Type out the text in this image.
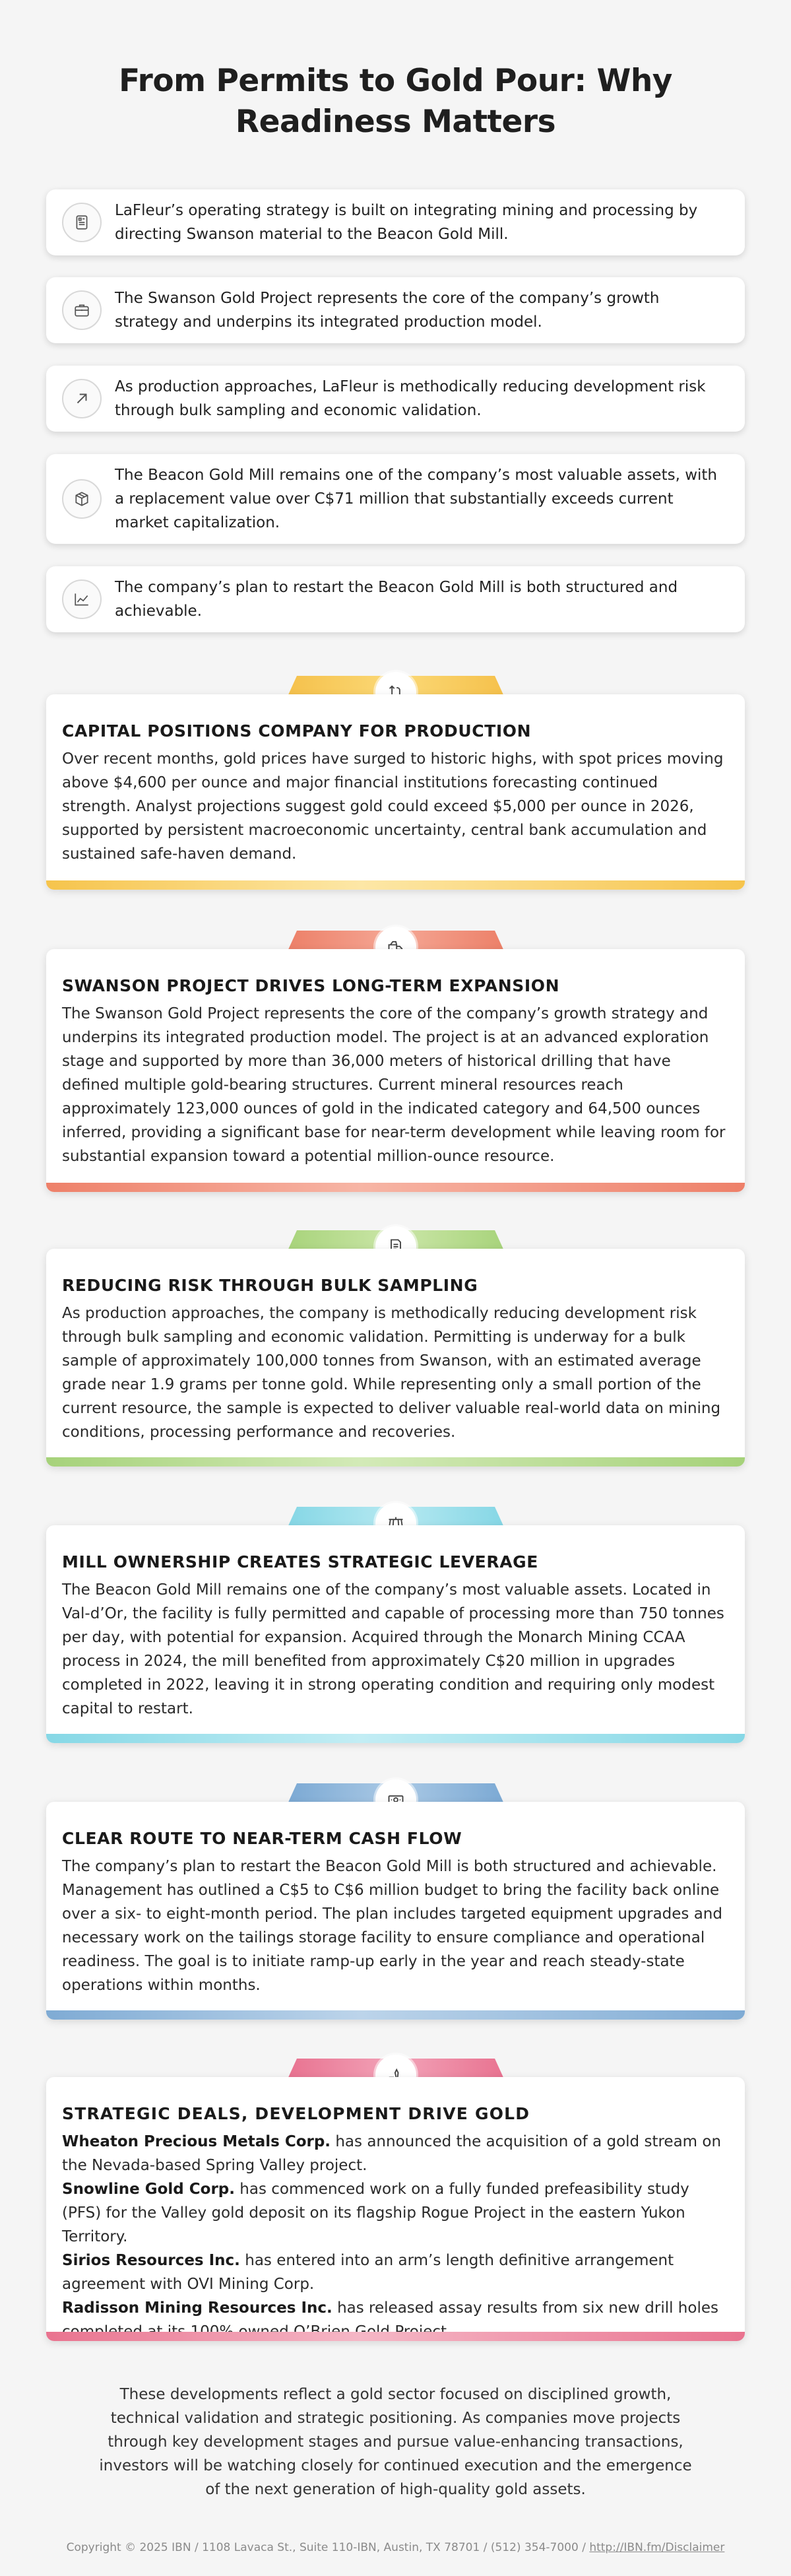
From Permits to Gold Pour: Why Readiness Matters
LaFleur’s operating strategy is built on integrating mining and processing by directing Swanson material to the Beacon Gold Mill.
The Swanson Gold Project represents the core of the company’s growth strategy and underpins its integrated production model.
As production approaches, LaFleur is methodically reducing development risk through bulk sampling and economic validation.
The Beacon Gold Mill remains one of the company’s most valuable assets, with a replacement value over C$71 million that substantially exceeds current market capitalization.
The company’s plan to restart the Beacon Gold Mill is both structured and achievable.
CAPITAL POSITIONS COMPANY FOR PRODUCTION

Over recent months, gold prices have surged to historic highs, with spot prices moving above $4,600 per ounce and major financial institutions forecasting continued strength. Analyst projections suggest gold could exceed $5,000 per ounce in 2026, supported by persistent macroeconomic uncertainty, central bank accumulation and sustained safe-haven demand.

SWANSON PROJECT DRIVES LONG-TERM EXPANSION

The Swanson Gold Project represents the core of the company’s growth strategy and underpins its integrated production model. The project is at an advanced exploration stage and supported by more than 36,000 meters of historical drilling that have defined multiple gold-bearing structures. Current mineral resources reach approximately 123,000 ounces of gold in the indicated category and 64,500 ounces inferred, providing a significant base for near-term development while leaving room for substantial expansion toward a potential million-ounce resource.

REDUCING RISK THROUGH BULK SAMPLING

As production approaches, the company is methodically reducing development risk through bulk sampling and economic validation. Permitting is underway for a bulk sample of approximately 100,000 tonnes from Swanson, with an estimated average grade near 1.9 grams per tonne gold. While representing only a small portion of the current resource, the sample is expected to deliver valuable real-world data on mining conditions, processing performance and recoveries.

MILL OWNERSHIP CREATES STRATEGIC LEVERAGE

The Beacon Gold Mill remains one of the company’s most valuable assets. Located in Val-d’Or, the facility is fully permitted and capable of processing more than 750 tonnes per day, with potential for expansion. Acquired through the Monarch Mining CCAA process in 2024, the mill benefited from approximately C$20 million in upgrades completed in 2022, leaving it in strong operating condition and requiring only modest capital to restart.

CLEAR ROUTE TO NEAR-TERM CASH FLOW

The company’s plan to restart the Beacon Gold Mill is both structured and achievable. Management has outlined a C$5 to C$6 million budget to bring the facility back online over a six- to eight-month period. The plan includes targeted equipment upgrades and necessary work on the tailings storage facility to ensure compliance and operational readiness. The goal is to initiate ramp-up early in the year and reach steady-state operations within months.

STRATEGIC DEALS, DEVELOPMENT DRIVE GOLD
Wheaton Precious Metals Corp. has announced the acquisition of a gold stream on the Nevada-based Spring Valley project.
Snowline Gold Corp. has commenced work on a fully funded prefeasibility study (PFS) for the Valley gold deposit on its flagship Rogue Project in the eastern Yukon Territory.
Sirios Resources Inc. has entered into an arm’s length definitive arrangement agreement with OVI Mining Corp.
Radisson Mining Resources Inc. has released assay results from six new drill holes

These developments reflect a gold sector focused on disciplined growth, technical validation and strategic positioning. As companies move projects through key development stages and pursue value-enhancing transactions, investors will be watching closely for continued execution and the emergence of the next generation of high-quality gold assets.

Copyright © 2025 IBN / 1108 Lavaca St., Suite 110-IBN, Austin, TX 78701 / (512) 354-7000 / http://IBN.fm/Disclaimer
